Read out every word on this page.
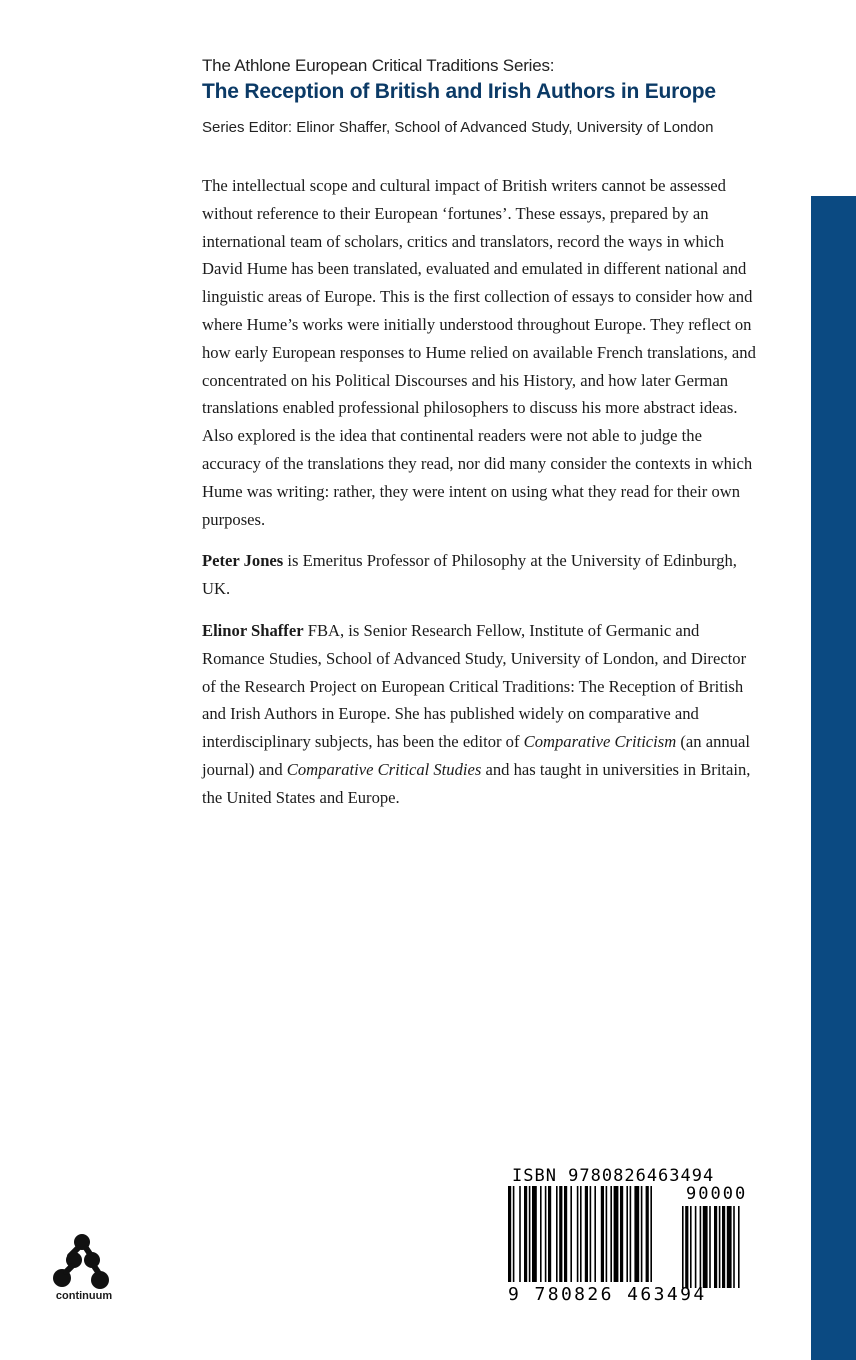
The Athlone European Critical Traditions Series:
The Reception of British and Irish Authors in Europe
Series Editor: Elinor Shaffer, School of Advanced Study, University of London

The intellectual scope and cultural impact of British writers cannot be assessed without reference to their European ‘fortunes’. These essays, prepared by an international team of scholars, critics and translators, record the ways in which David Hume has been translated, evaluated and emulated in different national and linguistic areas of Europe. This is the first collection of essays to consider how and where Hume’s works were initially understood throughout Europe. They reflect on how early European responses to Hume relied on available French translations, and concentrated on his Political Discourses and his History, and how later German translations enabled professional philosophers to discuss his more abstract ideas. Also explored is the idea that continental readers were not able to judge the accuracy of the translations they read, nor did many consider the contexts in which Hume was writing: rather, they were intent on using what they read for their own purposes.

Peter Jones is Emeritus Professor of Philosophy at the University of Edinburgh, UK.

Elinor Shaffer FBA, is Senior Research Fellow, Institute of Germanic and Romance Studies, School of Advanced Study, University of London, and Director of the Research Project on European Critical Traditions: The Reception of British and Irish Authors in Europe. She has published widely on comparative and interdisciplinary subjects, has been the editor of Comparative Criticism (an annual journal) and Comparative Critical Studies and has taught in universities in Britain, the United States and Europe.

continuum
ISBN 9780826463494
90000
9 780826 463494
